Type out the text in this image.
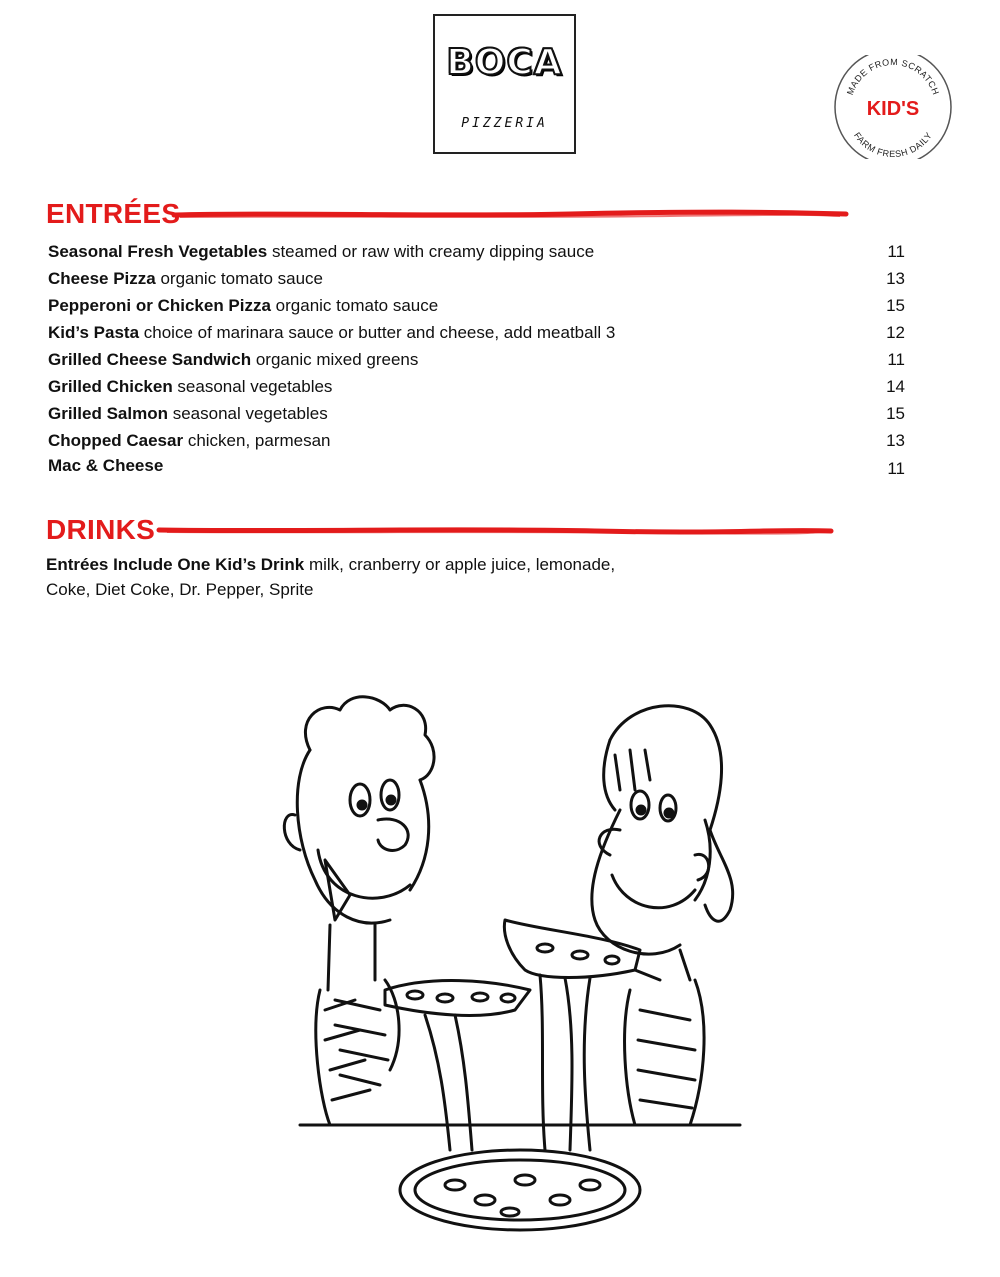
BOCA
PIZZERIA
MADE FROM SCRATCH
KID'S
FARM FRESH DAILY
ENTRÉES
Seasonal Fresh Vegetables steamed or raw with creamy dipping sauce	11
Cheese Pizza organic tomato sauce	13
Pepperoni or Chicken Pizza organic tomato sauce	15
Kid’s Pasta choice of marinara sauce or butter and cheese, add meatball 3	12
Grilled Cheese Sandwich organic mixed greens	11
Grilled Chicken seasonal vegetables	14
Grilled Salmon seasonal vegetables	15
Chopped Caesar chicken, parmesan	13
Mac & Cheese	11
DRINKS
Entrées Include One Kid’s Drink milk, cranberry or apple juice, lemonade,
Coke, Diet Coke, Dr. Pepper, Sprite
